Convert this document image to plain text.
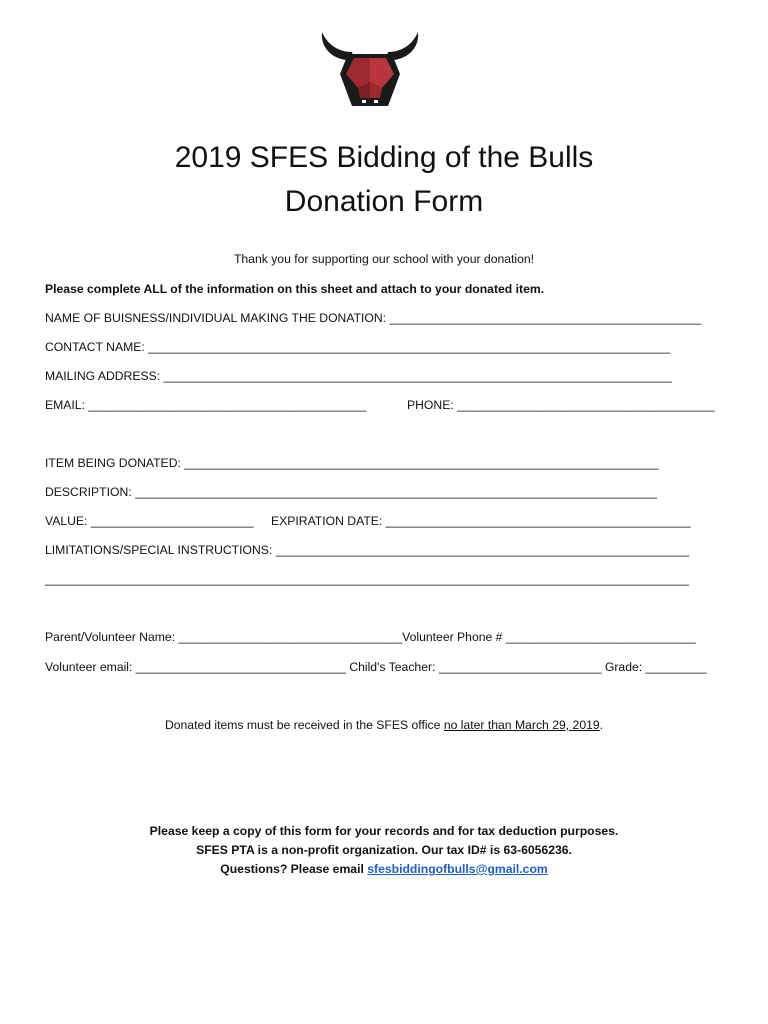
2019 SFES Bidding of the Bulls
Donation Form
Thank you for supporting our school with your donation!
Please complete ALL of the information on this sheet and attach to your donated item.
NAME OF BUISNESS/INDIVIDUAL MAKING THE DONATION: ______________________________________________
CONTACT NAME: _____________________________________________________________________________
MAILING ADDRESS: ___________________________________________________________________________
EMAIL: _________________________________________	PHONE: ______________________________________
ITEM BEING DONATED: ______________________________________________________________________
DESCRIPTION: _____________________________________________________________________________
VALUE: ________________________ EXPIRATION DATE: _____________________________________________
LIMITATIONS/SPECIAL INSTRUCTIONS: _____________________________________________________________
_______________________________________________________________________________________________
Parent/Volunteer Name: _________________________________Volunteer Phone # ____________________________
Volunteer email: _______________________________ Child's Teacher: ________________________ Grade: _________
Donated items must be received in the SFES office no later than March 29, 2019.
Please keep a copy of this form for your records and for tax deduction purposes.
SFES PTA is a non-profit organization. Our tax ID# is 63-6056236.
Questions? Please email sfesbiddingofbulls@gmail.com
